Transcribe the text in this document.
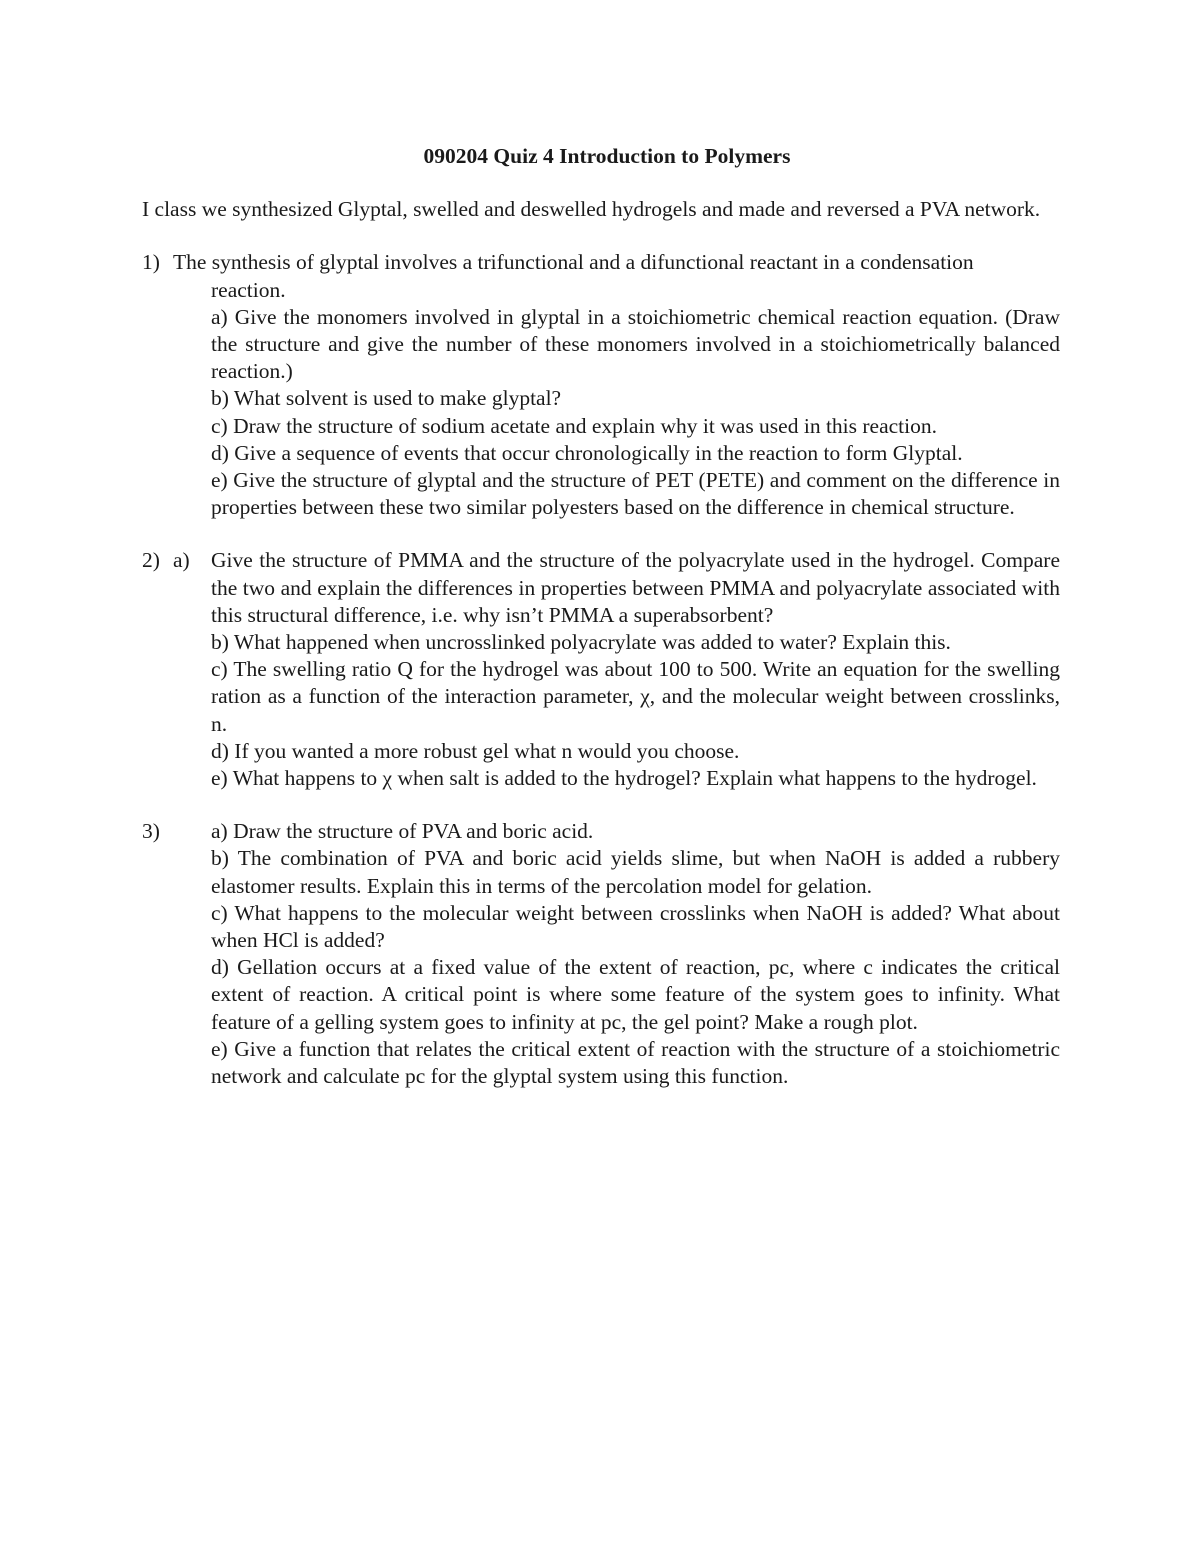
090204 Quiz 4 Introduction to Polymers
I class we synthesized Glyptal, swelled and deswelled hydrogels and made and reversed a PVA network.
1) The synthesis of glyptal involves a trifunctional and a difunctional reactant in a condensation
reaction.

a) Give the monomers involved in glyptal in a stoichiometric chemical reaction equation. (Draw the structure and give the number of these monomers involved in a stoichiometrically balanced reaction.)

b) What solvent is used to make glyptal?

c) Draw the structure of sodium acetate and explain why it was used in this reaction.

d) Give a sequence of events that occur chronologically in the reaction to form Glyptal.

e) Give the structure of glyptal and the structure of PET (PETE) and comment on the difference in properties between these two similar polyesters based on the difference in chemical structure.

2) a) Give the structure of PMMA and the structure of the polyacrylate used in the hydrogel. Compare the two and explain the differences in properties between PMMA and polyacrylate associated with this structural difference, i.e. why isn’t PMMA a superabsorbent?

b) What happened when uncrosslinked polyacrylate was added to water? Explain this.

c) The swelling ratio Q for the hydrogel was about 100 to 500. Write an equation for the swelling ration as a function of the interaction parameter, χ, and the molecular weight between crosslinks, n.

d) If you wanted a more robust gel what n would you choose.

e) What happens to χ when salt is added to the hydrogel? Explain what happens to the hydrogel.

3) a) Draw the structure of PVA and boric acid.

b) The combination of PVA and boric acid yields slime, but when NaOH is added a rubbery elastomer results. Explain this in terms of the percolation model for gelation.

c) What happens to the molecular weight between crosslinks when NaOH is added? What about when HCl is added?

d) Gellation occurs at a fixed value of the extent of reaction, pc, where c indicates the critical extent of reaction. A critical point is where some feature of the system goes to infinity. What feature of a gelling system goes to infinity at pc, the gel point? Make a rough plot.

e) Give a function that relates the critical extent of reaction with the structure of a stoichiometric network and calculate pc for the glyptal system using this function.
